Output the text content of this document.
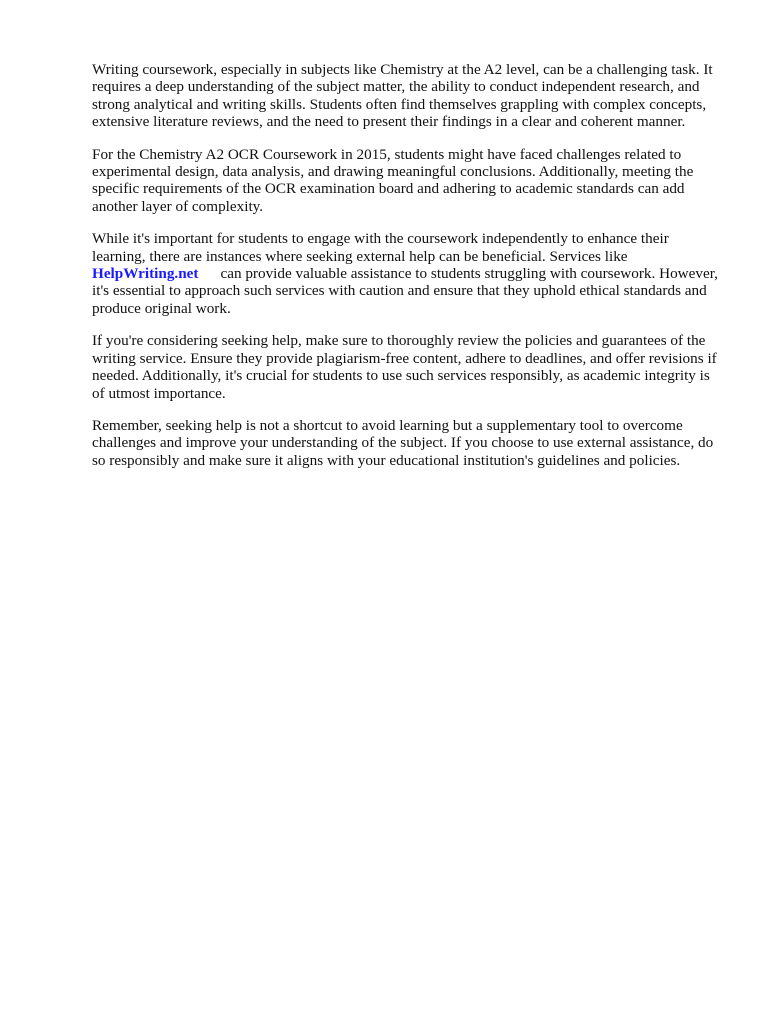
Writing coursework, especially in subjects like Chemistry at the A2 level, can be a challenging task. It requires a deep understanding of the subject matter, the ability to conduct independent research, and strong analytical and writing skills. Students often find themselves grappling with complex concepts, extensive literature reviews, and the need to present their findings in a clear and coherent manner.

For the Chemistry A2 OCR Coursework in 2015, students might have faced challenges related to experimental design, data analysis, and drawing meaningful conclusions. Additionally, meeting the specific requirements of the OCR examination board and adhering to academic standards can add another layer of complexity.

While it's important for students to engage with the coursework independently to enhance their learning, there are instances where seeking external help can be beneficial. Services like
HelpWriting.net can provide valuable assistance to students struggling with coursework. However, it's essential to approach such services with caution and ensure that they uphold ethical standards and produce original work.

If you're considering seeking help, make sure to thoroughly review the policies and guarantees of the writing service. Ensure they provide plagiarism-free content, adhere to deadlines, and offer revisions if needed. Additionally, it's crucial for students to use such services responsibly, as academic integrity is of utmost importance.

Remember, seeking help is not a shortcut to avoid learning but a supplementary tool to overcome challenges and improve your understanding of the subject. If you choose to use external assistance, do so responsibly and make sure it aligns with your educational institution's guidelines and policies.
